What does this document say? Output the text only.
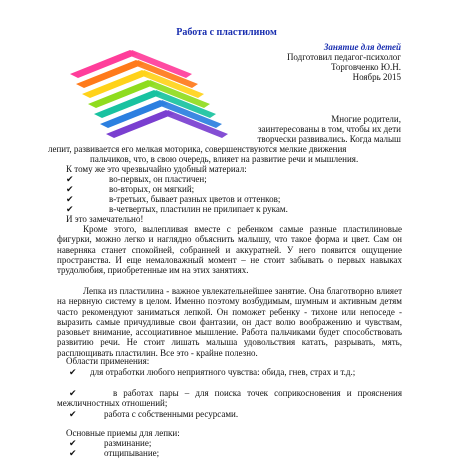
Работа с пластилином
Занятие для детей
Подготовил педагог-психолог
Торговченко Ю.Н.
Ноябрь 2015
Многие родители,
заинтересованы в том, чтобы их дети
творчески развивались. Когда малыш
лепит, развивается его мелкая моторика, совершенствуются мелкие движения
пальчиков, что, в свою очередь, влияет на развитие речи и мышления.
К тому же это чрезвычайно удобный материал:
✔	во-первых, он пластичен;
✔	во-вторых, он мягкий;
✔	в-третьих, бывает разных цветов и оттенков;
✔	в-четвертых, пластилин не прилипает к рукам.
И это замечательно!
Кроме этого, вылепливая вместе с ребенком самые разные пластилиновые фигурки, можно легко и наглядно объяснить малышу, что такое форма и цвет. Сам он наверняка станет спокойней, собранней и аккуратней. У него появится ощущение пространства. И еще немаловажный момент – не стоит забывать о первых навыках трудолюбия, приобретенные им на этих занятиях.
Лепка из пластилина - важное увлекательнейшее занятие. Она благотворно влияет на нервную систему в целом. Именно поэтому возбудимым, шумным и активным детям часто рекомендуют заниматься лепкой. Он поможет ребенку - тихоне или непоседе - выразить самые причудливые свои фантазии, он даст волю воображению и чувствам, разовьет внимание, ассоциативное мышление. Работа пальчиками будет способствовать развитию речи. Не стоит лишать малыша удовольствия катать, разрывать, мять, расплющивать пластилин. Все это - крайне полезно.
Области применения:
✔      для отработки любого неприятного чувства: обида, гнев, страх и т.д.;
✔      в работах пары – для поиска точек соприкосновения и прояснения межличностных отношений;
✔	работа с собственными ресурсами.
Основные приемы для лепки:
✔	разминание;
✔	отщипывание;
